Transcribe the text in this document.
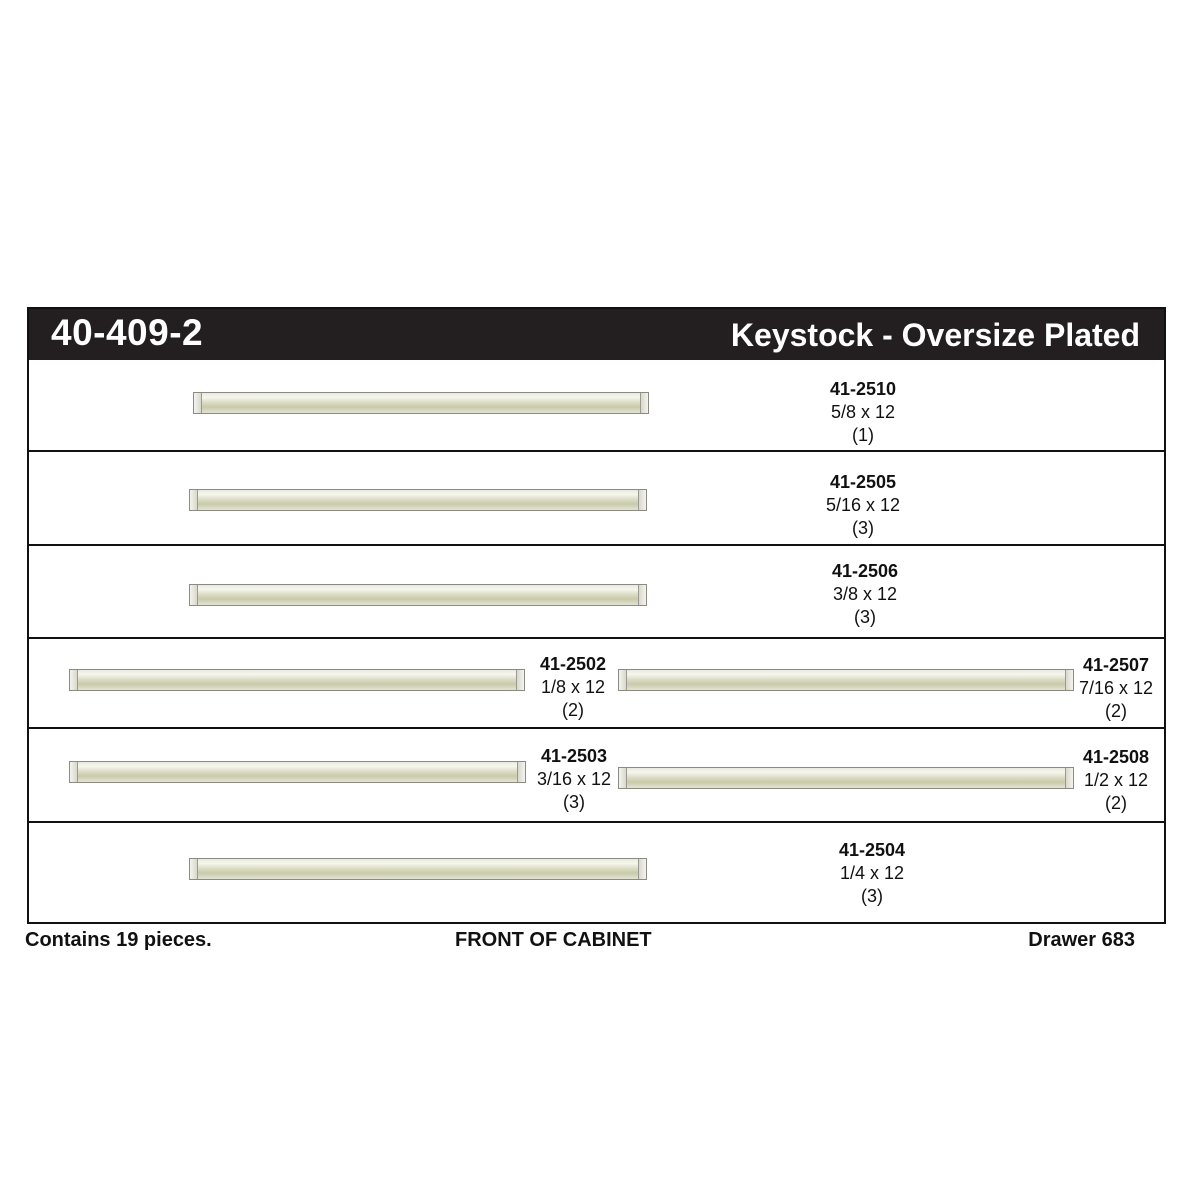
40-409-2	Keystock - Oversize Plated
41-2510
5/8 x 12
(1)
41-2505
5/16 x 12
(3)
41-2506
3/8 x 12
(3)
41-2502
1/8 x 12
(2)
41-2507
7/16 x 12
(2)
41-2503
3/16 x 12
(3)
41-2508
1/2 x 12
(2)
41-2504
1/4 x 12
(3)
Contains 19 pieces.	FRONT OF CABINET	Drawer 683
